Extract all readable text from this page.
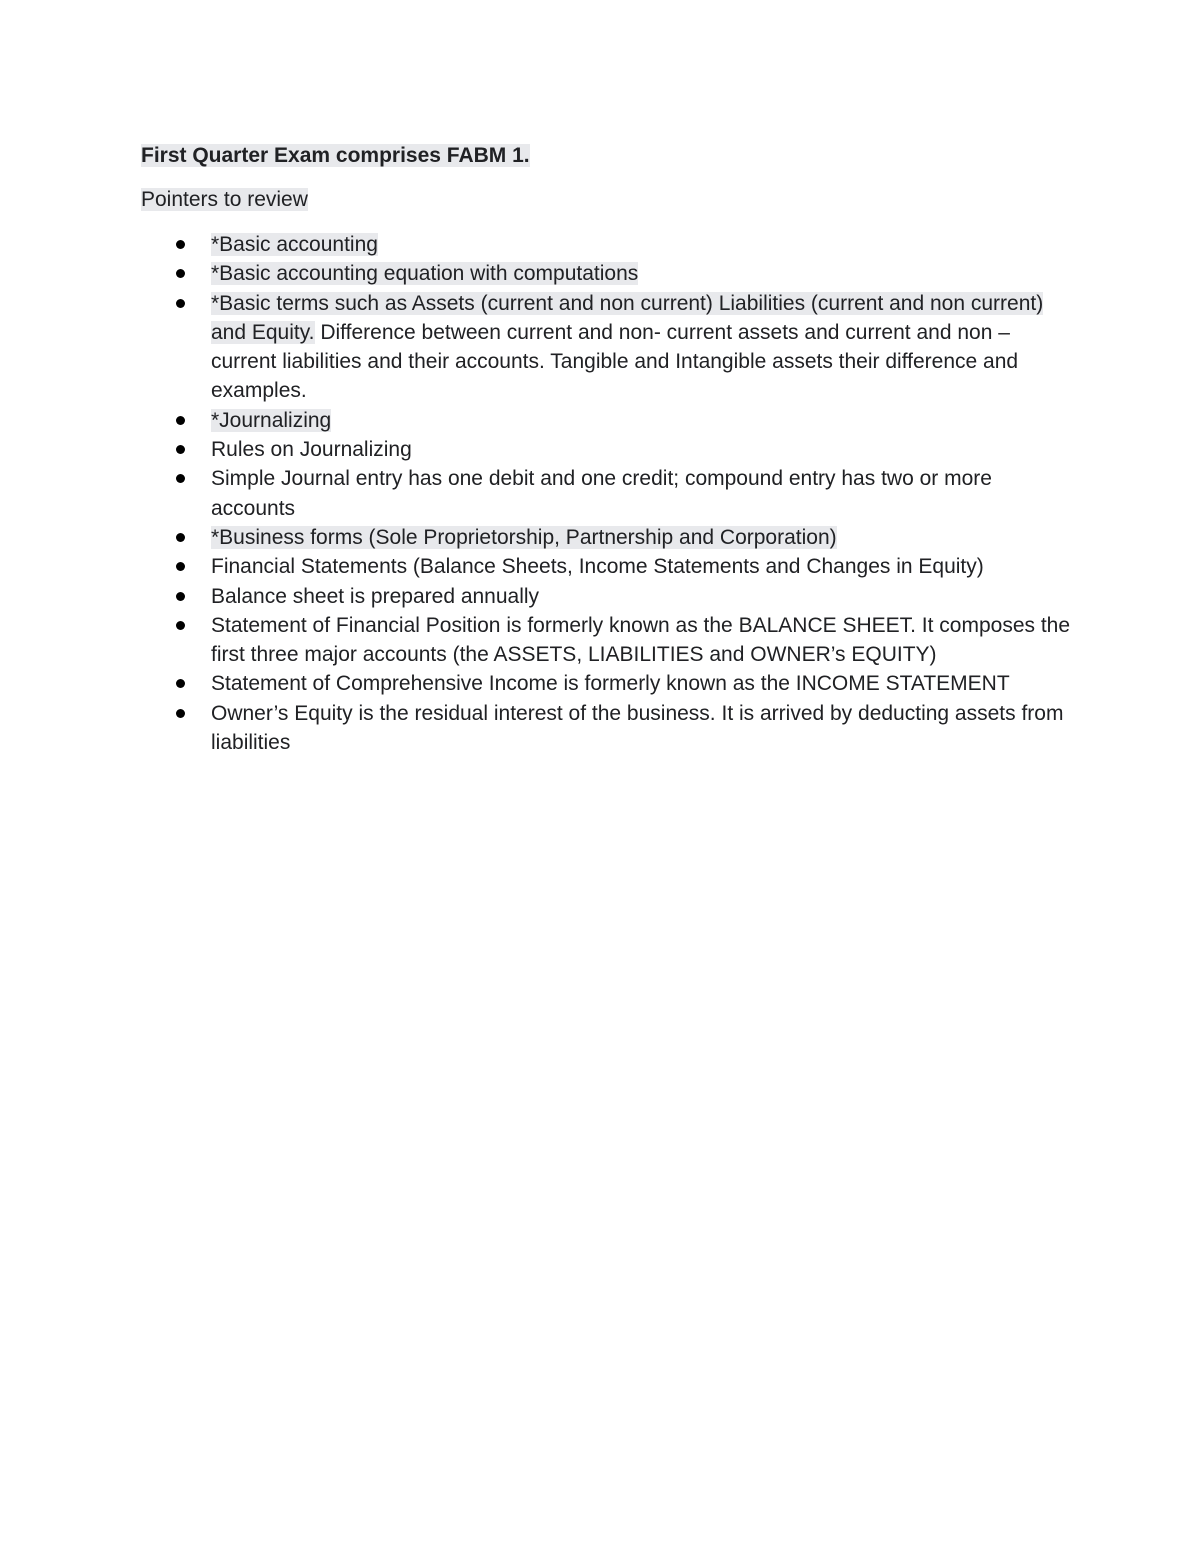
First Quarter Exam comprises FABM 1.

Pointers to review

*Basic accounting
*Basic accounting equation with computations
*Basic terms such as Assets (current and non current) Liabilities (current and non current) and Equity. Difference between current and non- current assets and current and non – current liabilities and their accounts. Tangible and Intangible assets their difference and examples.
*Journalizing
Rules on Journalizing
Simple Journal entry has one debit and one credit; compound entry has two or more accounts
*Business forms (Sole Proprietorship, Partnership and Corporation)
Financial Statements (Balance Sheets, Income Statements and Changes in Equity)
Balance sheet is prepared annually
Statement of Financial Position is formerly known as the BALANCE SHEET. It composes the first three major accounts (the ASSETS, LIABILITIES and OWNER’s EQUITY)
Statement of Comprehensive Income is formerly known as the INCOME STATEMENT
Owner’s Equity is the residual interest of the business. It is arrived by deducting assets from liabilities
